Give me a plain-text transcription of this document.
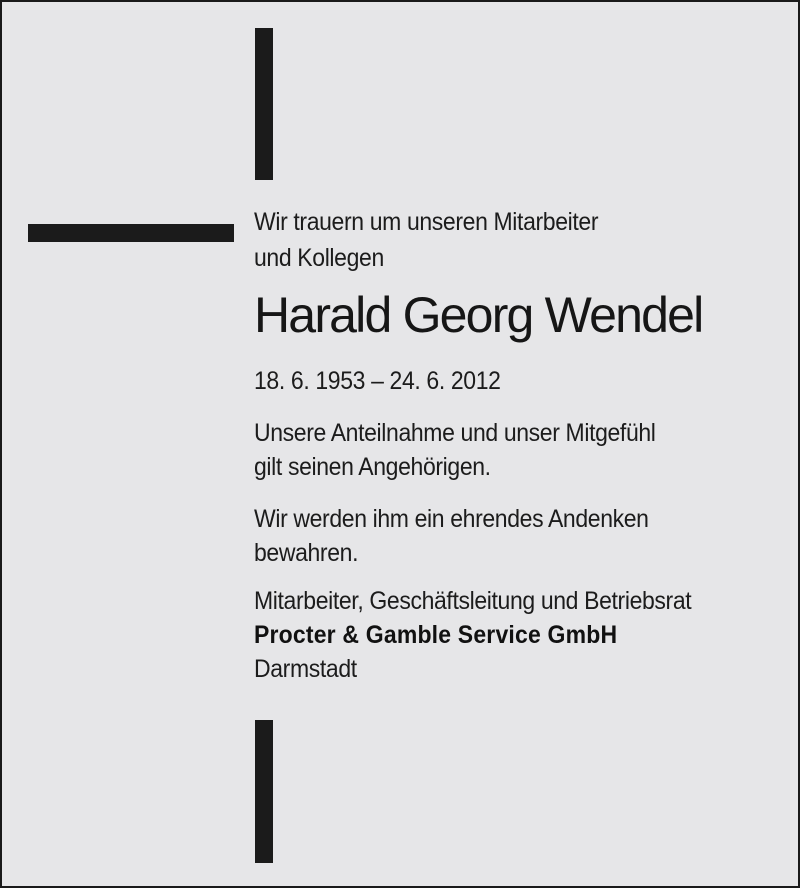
Wir trauern um unseren Mitarbeiter
und Kollegen
Harald Georg Wendel
18. 6. 1953 – 24. 6. 2012
Unsere Anteilnahme und unser Mitgefühl
gilt seinen Angehörigen.
Wir werden ihm ein ehrendes Andenken
bewahren.
Mitarbeiter, Geschäftsleitung und Betriebsrat
Procter & Gamble Service GmbH
Darmstadt
